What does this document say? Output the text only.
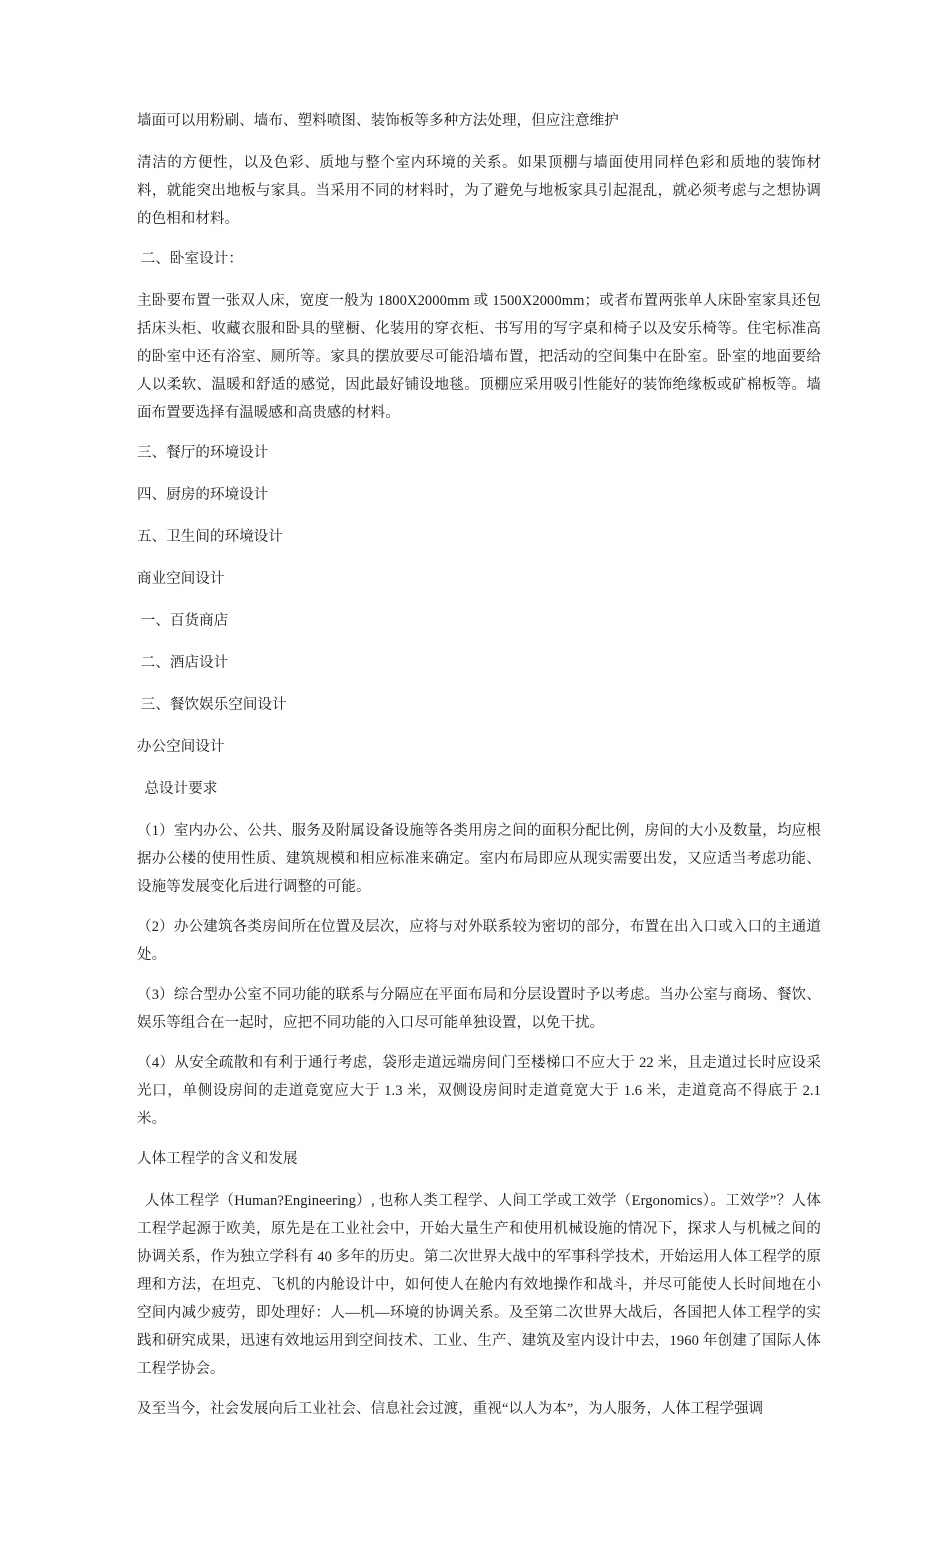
墙面可以用粉刷、墙布、塑料喷图、装饰板等多种方法处理，但应注意维护

清洁的方便性，以及色彩、质地与整个室内环境的关系。如果顶棚与墙面使用同样色彩和质地的装饰材料，就能突出地板与家具。当采用不同的材料时，为了避免与地板家具引起混乱，就必须考虑与之想协调的色相和材料。

二、卧室设计：

主卧要布置一张双人床，宽度一般为 1800X2000mm 或 1500X2000mm；或者布置两张单人床卧室家具还包括床头柜、收藏衣服和卧具的壁橱、化装用的穿衣柜、书写用的写字桌和椅子以及安乐椅等。住宅标准高的卧室中还有浴室、厕所等。家具的摆放要尽可能沿墙布置，把活动的空间集中在卧室。卧室的地面要给人以柔软、温暖和舒适的感觉，因此最好铺设地毯。顶棚应采用吸引性能好的装饰绝缘板或矿棉板等。墙面布置要选择有温暖感和高贵感的材料。

三、餐厅的环境设计

四、厨房的环境设计

五、卫生间的环境设计

商业空间设计

一、百货商店

二、酒店设计

三、餐饮娱乐空间设计

办公空间设计

总设计要求

（1）室内办公、公共、服务及附属设备设施等各类用房之间的面积分配比例，房间的大小及数量，均应根据办公楼的使用性质、建筑规模和相应标准来确定。室内布局即应从现实需要出发，又应适当考虑功能、设施等发展变化后进行调整的可能。

（2）办公建筑各类房间所在位置及层次，应将与对外联系较为密切的部分，布置在出入口或入口的主通道处。

（3）综合型办公室不同功能的联系与分隔应在平面布局和分层设置时予以考虑。当办公室与商场、餐饮、娱乐等组合在一起时，应把不同功能的入口尽可能单独设置，以免干扰。

（4）从安全疏散和有利于通行考虑，袋形走道远端房间门至楼梯口不应大于 22 米，且走道过长时应设采光口，单侧设房间的走道竟宽应大于 1.3 米，双侧设房间时走道竟宽大于 1.6 米，走道竟高不得底于 2.1 米。

人体工程学的含义和发展

人体工程学（Human?Engineering）, 也称人类工程学、人间工学或工效学（Ergonomics）。工效学”？人体工程学起源于欧美，原先是在工业社会中，开始大量生产和使用机械设施的情况下，探求人与机械之间的协调关系，作为独立学科有 40 多年的历史。第二次世界大战中的军事科学技术，开始运用人体工程学的原理和方法，在坦克、飞机的内舱设计中，如何使人在舱内有效地操作和战斗，并尽可能使人长时间地在小空间内减少疲劳，即处理好：人—机—环境的协调关系。及至第二次世界大战后，各国把人体工程学的实践和研究成果，迅速有效地运用到空间技术、工业、生产、建筑及室内设计中去，1960 年创建了国际人体工程学协会。

及至当今，社会发展向后工业社会、信息社会过渡，重视“以人为本”，为人服务，人体工程学强调
